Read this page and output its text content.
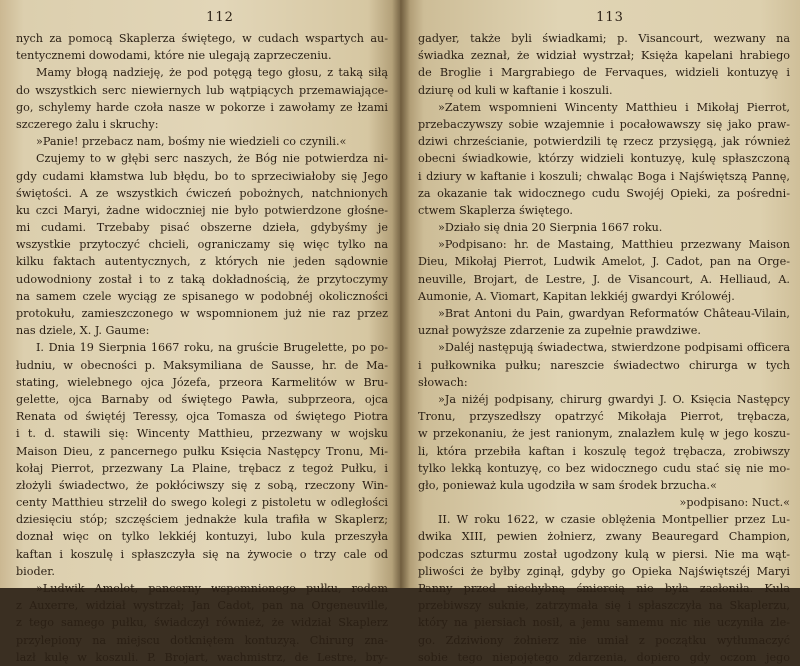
112
nych za pomocą Skaplerza świętego, w cudach wspartych au-
tentycznemi dowodami, które nie ulegają zaprzeczeniu.
Mamy błogą nadzieję, że pod potęgą tego głosu, z taką siłą
do wszystkich serc niewiernych lub wątpiących przemawiające-
go, schylemy harde czoła nasze w pokorze i zawołamy ze łzami
szczerego żalu i skruchy:
»Panie! przebacz nam, bośmy nie wiedzieli co czynili.«
Czujemy to w głębi serc naszych, że Bóg nie potwierdza ni-
gdy cudami kłamstwa lub błędu, bo to sprzeciwiałoby się Jego
świętości. A ze wszystkich ćwiczeń pobożnych, natchnionych
ku czci Maryi, żadne widoczniej nie było potwierdzone głośne-
mi cudami. Trzebaby pisać obszerne dzieła, gdybyśmy je
wszystkie przytoczyć chcieli, ograniczamy się więc tylko na
kilku faktach autentycznych, z których nie jeden sądownie
udowodniony został i to z taką dokładnością, że przytoczymy
na samem czele wyciąg ze spisanego w podobnéj okoliczności
protokułu, zamieszczonego w wspomnionem już nie raz przez
nas dziele, X. J. Gaume:
I. Dnia 19 Sierpnia 1667 roku, na gruście Brugelette, po po-
łudniu, w obecności p. Maksymiliana de Sausse, hr. de Ma-
stating, wielebnego ojca Józefa, przeora Karmelitów w Bru-
gelette, ojca Barnaby od świętego Pawła, subprzeora, ojca
Renata od świętéj Teressy, ojca Tomasza od świętego Piotra
i t. d. stawili się: Wincenty Matthieu, przezwany w wojsku
Maison Dieu, z pancernego pułku Księcia Następcy Tronu, Mi-
kołaj Pierrot, przezwany La Plaine, trębacz z tegoż Pułku, i
złożyli świadectwo, że pokłóciwszy się z sobą, rzeczony Win-
centy Matthieu strzelił do swego kolegi z pistoletu w odległości
dziesięciu stóp; szczęściem jednakże kula trafiła w Skaplerz;
doznał więc on tylko lekkiéj kontuzyi, lubo kula przeszyła
kaftan i koszulę i spłaszczyła się na żywocie o trzy cale od
bioder.
»Ludwik Amelot, pancerny wspomnionego pułku, rodem
z Auxerre, widział wystrzał; Jan Cadot, pan na Orgeneuville,
z tego samego pułku, świadczył również, że widział Skaplerz
przylepiony na miejscu dotkniętem kontuzyą. Chirurg zna-
lazł kulę w koszuli. P. Brojart, wachmistrz, de Lestre, bry-
113
gadyer, także byli świadkami; p. Visancourt, wezwany na
świadka zeznał, że widział wystrzał; Księża kapelani hrabiego
de Broglie i Margrabiego de Fervaques, widzieli kontuzyę i
dziurę od kuli w kaftanie i koszuli.
»Zatem wspomnieni Wincenty Matthieu i Mikołaj Pierrot,
przebaczywszy sobie wzajemnie i pocałowawszy się jako praw-
dziwi chrześcianie, potwierdzili tę rzecz przysięgą, jak również
obecni świadkowie, którzy widzieli kontuzyę, kulę spłaszczoną
i dziury w kaftanie i koszuli; chwaląc Boga i Najświętszą Pannę,
za okazanie tak widocznego cudu Swojéj Opieki, za pośredni-
ctwem Skaplerza świętego.
»Działo się dnia 20 Sierpnia 1667 roku.
»Podpisano: hr. de Mastaing, Matthieu przezwany Maison
Dieu, Mikołaj Pierrot, Ludwik Amelot, J. Cadot, pan na Orge-
neuville, Brojart, de Lestre, J. de Visancourt, A. Helliaud, A.
Aumonie, A. Viomart, Kapitan lekkiéj gwardyi Królowéj.
»Brat Antoni du Pain, gwardyan Reformatów Château-Vilain,
uznał powyższe zdarzenie za zupełnie prawdziwe.
»Daléj następują świadectwa, stwierdzone podpisami officera
i pułkownika pułku; nareszcie świadectwo chirurga w tych
słowach:
»Ja niżéj podpisany, chirurg gwardyi J. O. Księcia Następcy
Tronu, przyszedłszy opatrzyć Mikołaja Pierrot, trębacza,
w przekonaniu, że jest ranionym, znalazłem kulę w jego koszu-
li, która przebiła kaftan i koszulę tegoż trębacza, zrobiwszy
tylko lekką kontuzyę, co bez widocznego cudu stać się nie mo-
gło, ponieważ kula ugodziła w sam środek brzucha.«
»podpisano: Nuct.«
II. W roku 1622, w czasie oblężenia Montpellier przez Lu-
dwika XIII, pewien żołnierz, zwany Beauregard Champion,
podczas szturmu został ugodzony kulą w piersi. Nie ma wąt-
pliwości że byłby zginął, gdyby go Opieka Najświętszéj Maryi
Panny przed niechybną śmiercią nie była zasłoniła. Kula
przebiwszy suknie, zatrzymała się i spłaszczyła na Skaplerzu,
który na piersiach nosił, a jemu samemu nic nie uczyniła zle-
go. Zdziwiony żołnierz nie umiał z początku wytłumaczyć
sobie tego niepojętego zdarzenia, dopiero gdy oczom jego
